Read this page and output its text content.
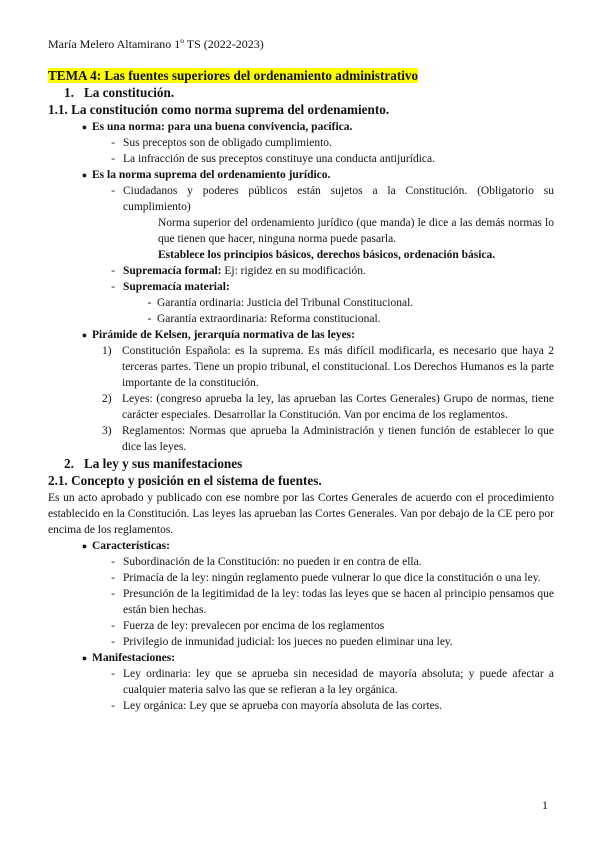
María Melero Altamirano 1º TS (2022-2023)
TEMA 4: Las fuentes superiores del ordenamiento administrativo
1. La constitución.
1.1. La constitución como norma suprema del ordenamiento.
● Es una norma: para una buena convivencia, pacífica.
- Sus preceptos son de obligado cumplimiento.
- La infracción de sus preceptos constituye una conducta antijurídica.
● Es la norma suprema del ordenamiento jurídico.
- Ciudadanos y poderes públicos están sujetos a la Constitución. (Obligatorio su cumplimiento)
Norma superior del ordenamiento jurídico (que manda) le dice a las demás normas lo que tienen que hacer, ninguna norma puede pasarla.
Establece los principios básicos, derechos básicos, ordenación básica.
- Supremacía formal: Ej: rigidez en su modificación.
- Supremacía material:
- Garantía ordinaria: Justicia del Tribunal Constitucional.
- Garantía extraordinaria: Reforma constitucional.
● Pirámide de Kelsen, jerarquía normativa de las leyes:
1) Constitución Española: es la suprema. Es más difícil modificarla, es necesario que haya 2 terceras partes. Tiene un propio tribunal, el constitucional. Los Derechos Humanos es la parte importante de la constitución.
2) Leyes: (congreso aprueba la ley, las aprueban las Cortes Generales) Grupo de normas, tiene carácter especiales. Desarrollar la Constitución. Van por encima de los reglamentos.
3) Reglamentos: Normas que aprueba la Administración y tienen función de establecer lo que dice las leyes.
2. La ley y sus manifestaciones
2.1. Concepto y posición en el sistema de fuentes.
Es un acto aprobado y publicado con ese nombre por las Cortes Generales de acuerdo con el procedimiento establecido en la Constitución. Las leyes las aprueban las Cortes Generales. Van por debajo de la CE pero por encima de los reglamentos.
● Características:
- Subordinación de la Constitución: no pueden ir en contra de ella.
- Primacía de la ley: ningún reglamento puede vulnerar lo que dice la constitución o una ley.
- Presunción de la legitimidad de la ley: todas las leyes que se hacen al principio pensamos que están bien hechas.
- Fuerza de ley: prevalecen por encima de los reglamentos
- Privilegio de inmunidad judicial: los jueces no pueden eliminar una ley.
● Manifestaciones:
- Ley ordinaria: ley que se aprueba sin necesidad de mayoría absoluta; y puede afectar a cualquier materia salvo las que se refieran a la ley orgánica.
- Ley orgánica: Ley que se aprueba con mayoría absoluta de las cortes.
1
